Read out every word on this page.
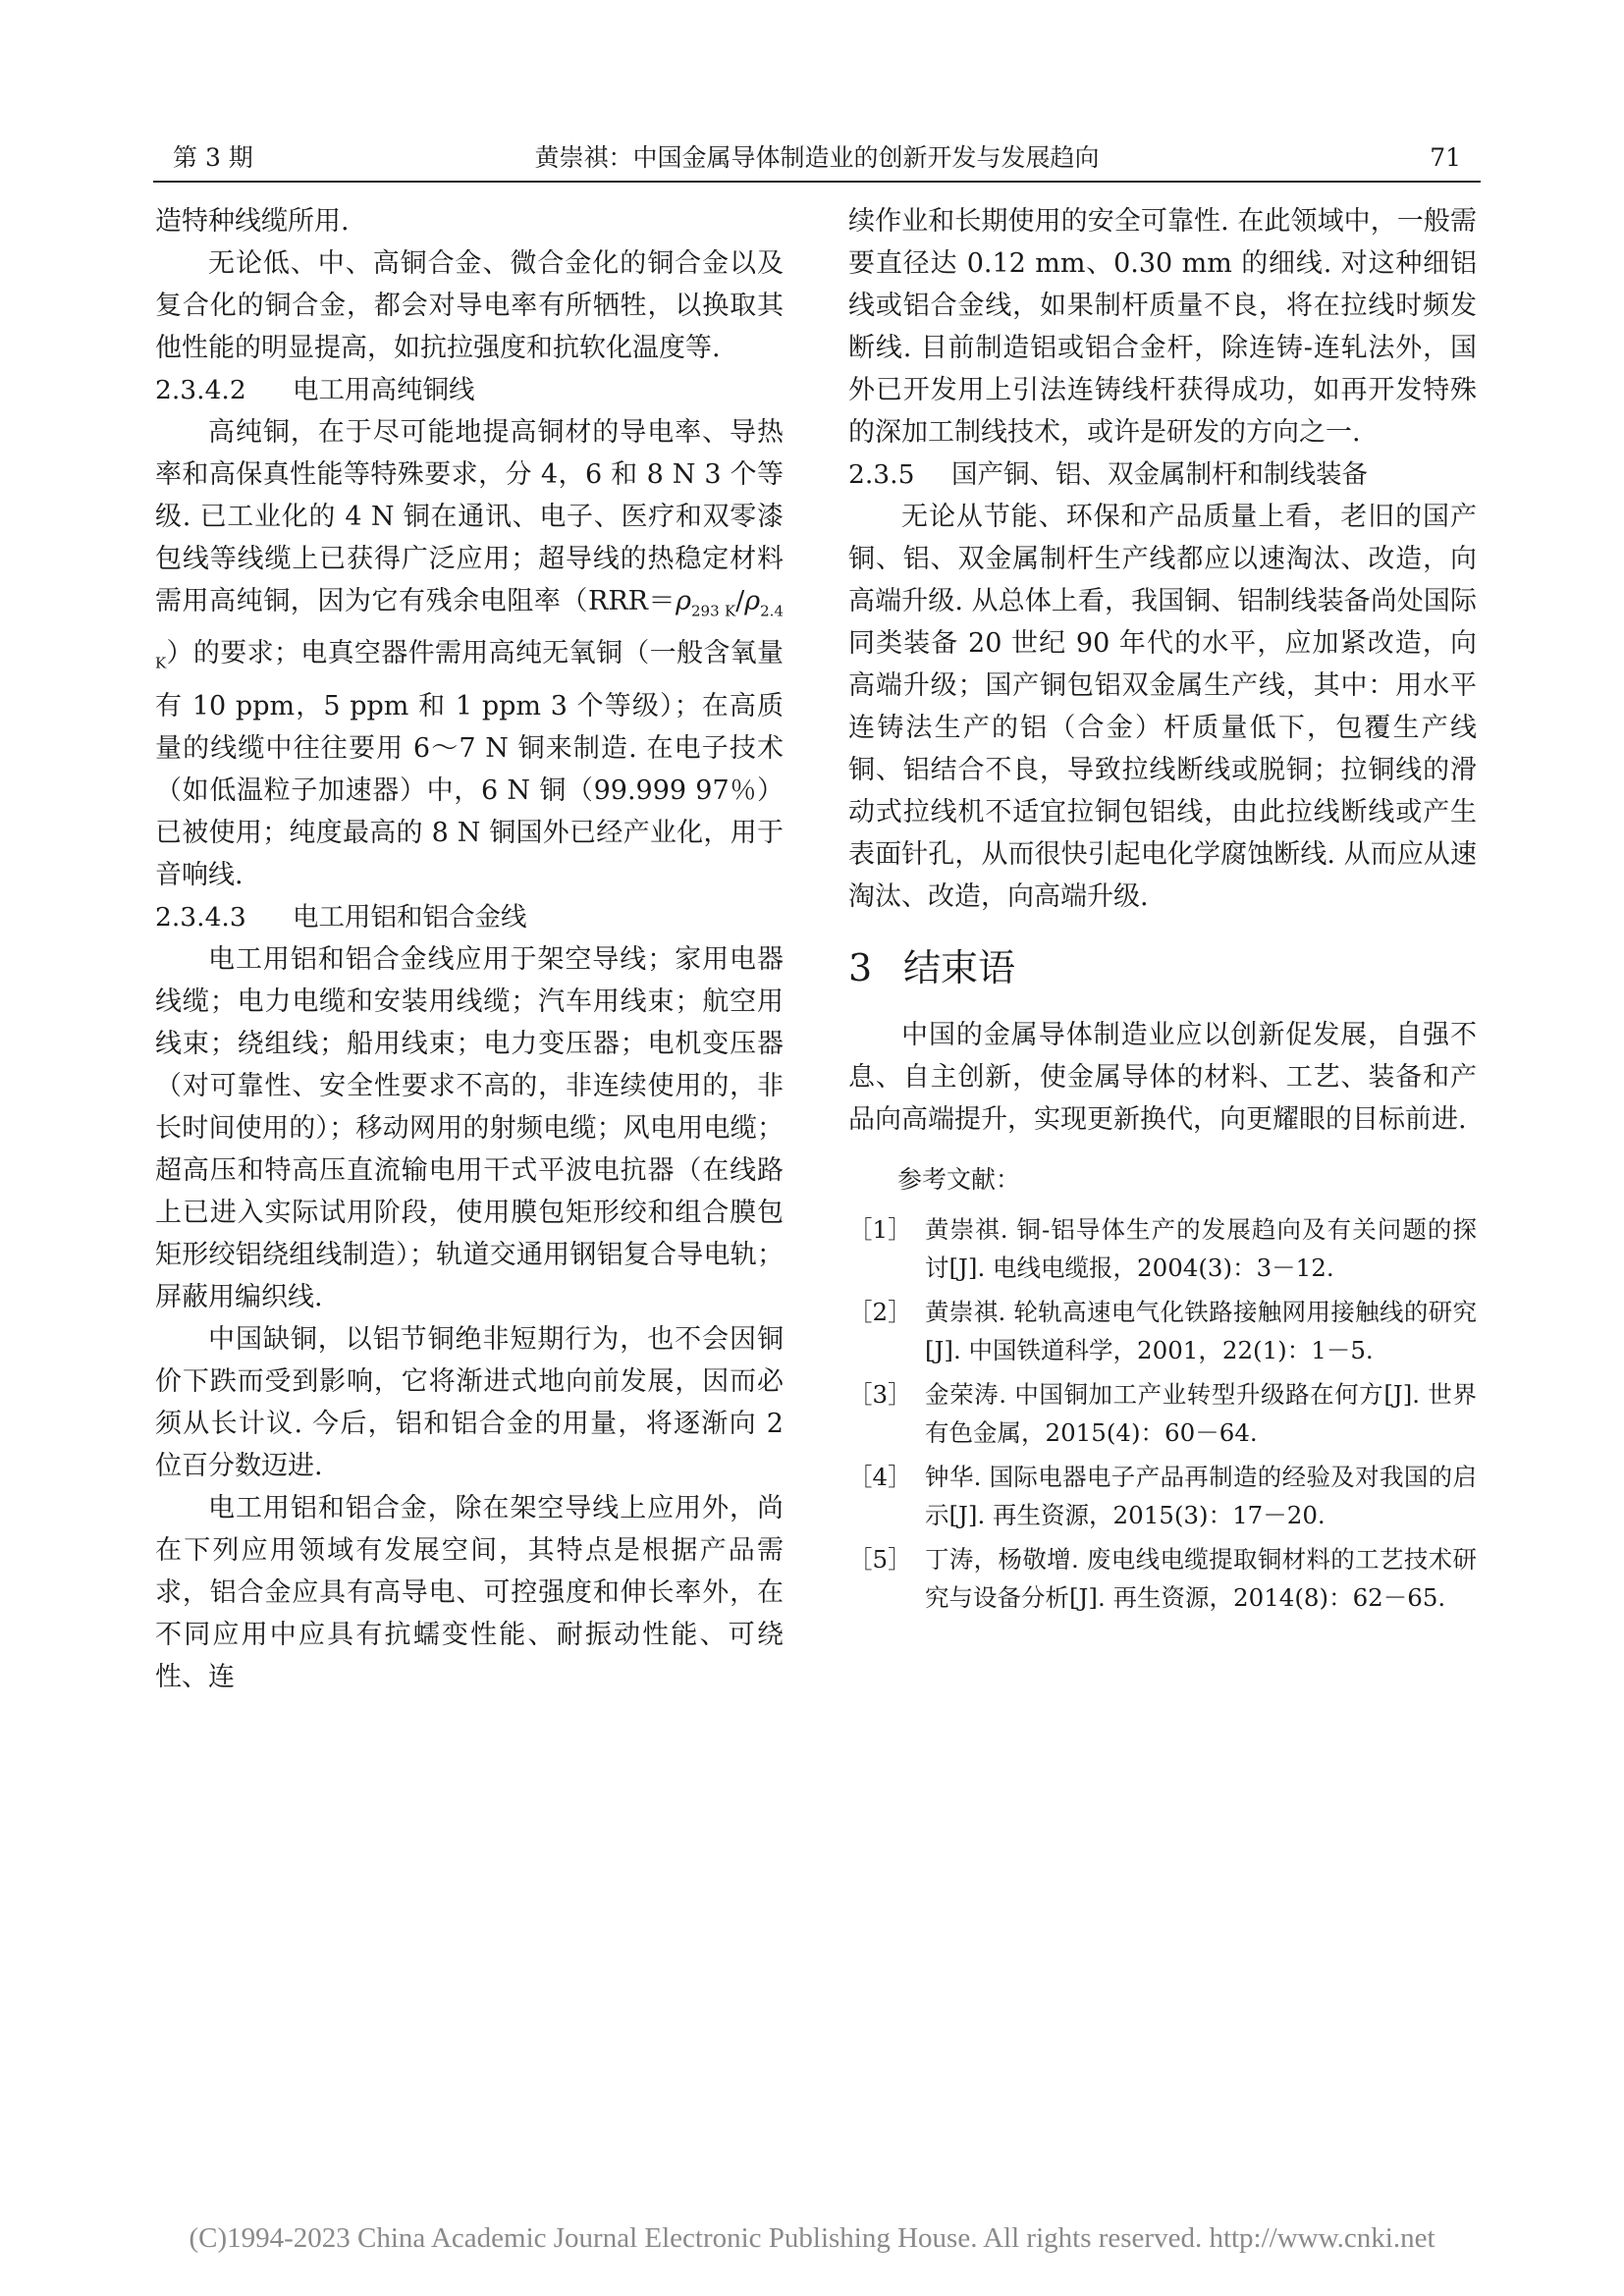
第 3 期	黄崇祺：中国金属导体制造业的创新开发与发展趋向	71

造特种线缆所用.

无论低、中、高铜合金、微合金化的铜合金以及复合化的铜合金，都会对导电率有所牺牲，以换取其他性能的明显提高，如抗拉强度和抗软化温度等.

2.3.4.2 电工用高纯铜线

高纯铜，在于尽可能地提高铜材的导电率、导热率和高保真性能等特殊要求，分 4，6 和 8 N 3 个等级. 已工业化的 4 N 铜在通讯、电子、医疗和双零漆包线等线缆上已获得广泛应用；超导线的热稳定材料需用高纯铜，因为它有残余电阻率$(RRR=\rho_{293 K}/\rho_{2.4 K})$的要求；电真空器件需用高纯无氧铜（一般含氧量有 10 ppm，5 ppm 和 1 ppm 3 个等级）；在高质量的线缆中往往要用 6～7 N 铜来制造. 在电子技术（如低温粒子加速器）中，6 N 铜（99.999 97％）已被使用；纯度最高的 8 N 铜国外已经产业化，用于音响线.

2.3.4.3 电工用铝和铝合金线

电工用铝和铝合金线应用于架空导线；家用电器线缆；电力电缆和安装用线缆；汽车用线束；航空用线束；绕组线；船用线束；电力变压器；电机变压器（对可靠性、安全性要求不高的，非连续使用的，非长时间使用的）；移动网用的射频电缆；风电用电缆；超高压和特高压直流输电用干式平波电抗器（在线路上已进入实际试用阶段，使用膜包矩形绞和组合膜包矩形绞铝绕组线制造）；轨道交通用钢铝复合导电轨；屏蔽用编织线.

中国缺铜，以铝节铜绝非短期行为，也不会因铜价下跌而受到影响，它将渐进式地向前发展，因而必须从长计议. 今后，铝和铝合金的用量，将逐渐向 2 位百分数迈进.

电工用铝和铝合金，除在架空导线上应用外，尚在下列应用领域有发展空间，其特点是根据产品需求，铝合金应具有高导电、可控强度和伸长率外，在不同应用中应具有抗蠕变性能、耐振动性能、可绕性、连

续作业和长期使用的安全可靠性. 在此领域中，一般需要直径达 0.12 mm、0.30 mm 的细线. 对这种细铝线或铝合金线，如果制杆质量不良，将在拉线时频发断线. 目前制造铝或铝合金杆，除连铸-连轧法外，国外已开发用上引法连铸线杆获得成功，如再开发特殊的深加工制线技术，或许是研发的方向之一.

2.3.5 国产铜、铝、双金属制杆和制线装备

无论从节能、环保和产品质量上看，老旧的国产铜、铝、双金属制杆生产线都应以速淘汰、改造，向高端升级. 从总体上看，我国铜、铝制线装备尚处国际同类装备 20 世纪 90 年代的水平，应加紧改造，向高端升级；国产铜包铝双金属生产线，其中：用水平连铸法生产的铝（合金）杆质量低下，包覆生产线铜、铝结合不良，导致拉线断线或脱铜；拉铜线的滑动式拉线机不适宜拉铜包铝线，由此拉线断线或产生表面针孔，从而很快引起电化学腐蚀断线. 从而应从速淘汰、改造，向高端升级.

3 结束语

中国的金属导体制造业应以创新促发展，自强不息、自主创新，使金属导体的材料、工艺、装备和产品向高端提升，实现更新换代，向更耀眼的目标前进.

参考文献：
［1］ 黄崇祺. 铜-铝导体生产的发展趋向及有关问题的探讨[J]. 电线电缆报，2004(3)：3－12.
［2］ 黄崇祺. 轮轨高速电气化铁路接触网用接触线的研究[J]. 中国铁道科学，2001，22(1)：1－5.
［3］ 金荣涛. 中国铜加工产业转型升级路在何方[J]. 世界有色金属，2015(4)：60－64.
［4］ 钟华. 国际电器电子产品再制造的经验及对我国的启示[J]. 再生资源，2015(3)：17－20.
［5］ 丁涛，杨敬增. 废电线电缆提取铜材料的工艺技术研究与设备分析[J]. 再生资源，2014(8)：62－65.
(C)1994-2023 China Academic Journal Electronic Publishing House. All rights reserved. http://www.cnki.net
